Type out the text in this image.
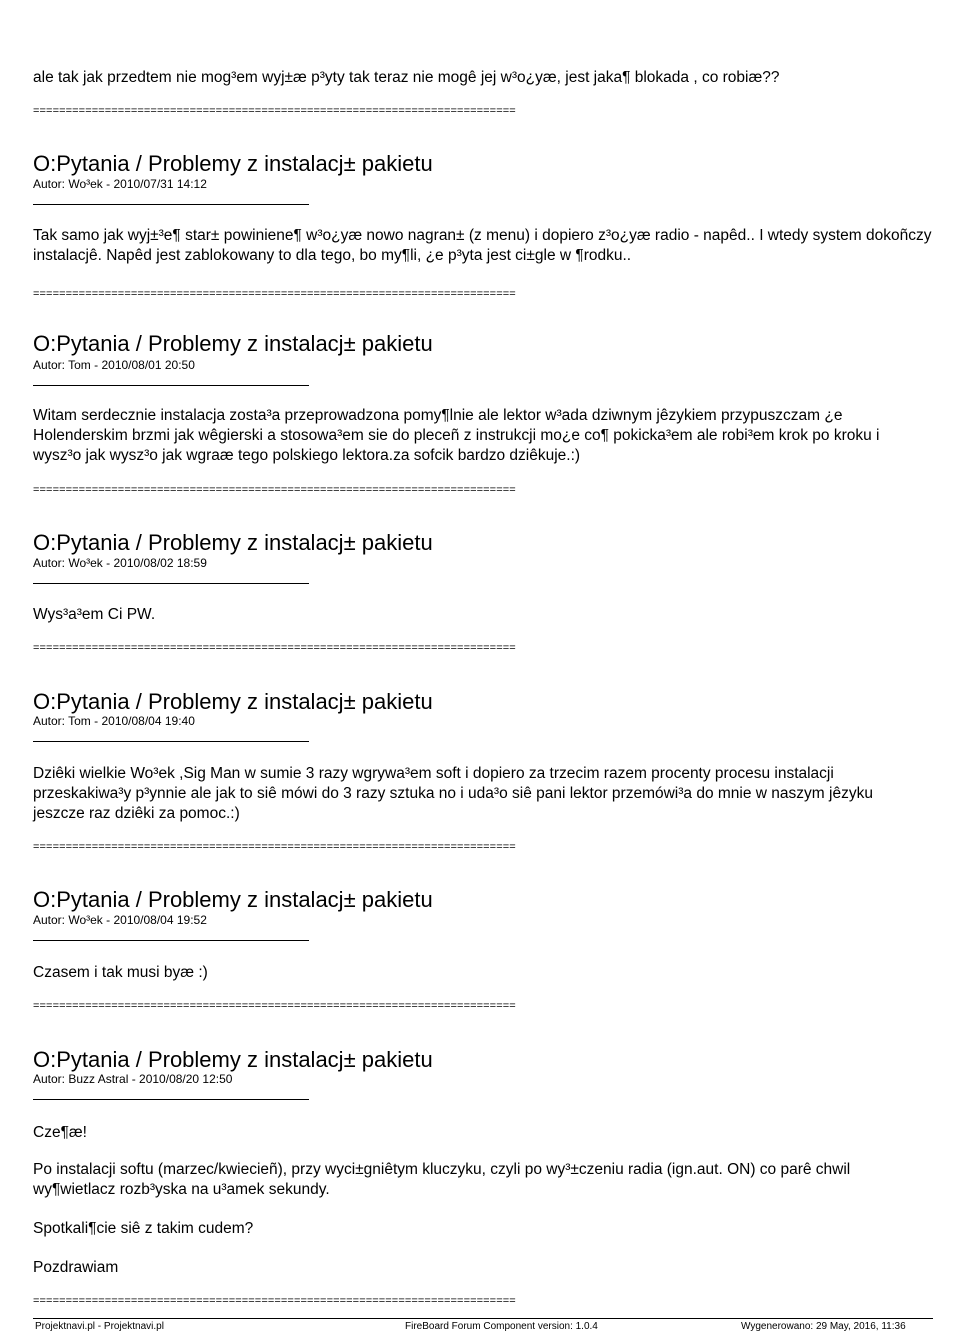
ale tak jak przedtem nie mog³em wyj±æ p³yty tak teraz nie mogê jej w³o¿yæ, jest jaka¶ blokada , co robiæ??

==========================================================================
O:Pytania / Problemy z instalacj± pakietu
Autor: Wo³ek - 2010/07/31 14:12

Tak samo jak wyj±³e¶ star± powiniene¶ w³o¿yæ nowo nagran± (z menu) i dopiero z³o¿yæ radio - napêd.. I wtedy system dokoñczy instalacjê. Napêd jest zablokowany to dla tego, bo my¶li, ¿e p³yta jest ci±gle w ¶rodku..

==========================================================================
O:Pytania / Problemy z instalacj± pakietu
Autor: Tom - 2010/08/01 20:50

Witam serdecznie instalacja zosta³a przeprowadzona pomy¶lnie ale lektor w³ada dziwnym jêzykiem przypuszczam ¿e Holenderskim brzmi jak wêgierski a stosowa³em sie do pleceñ z instrukcji mo¿e co¶ pokicka³em ale robi³em krok po kroku i wysz³o jak wysz³o jak wgraæ tego polskiego lektora.za sofcik bardzo dziêkuje.:)

==========================================================================
O:Pytania / Problemy z instalacj± pakietu
Autor: Wo³ek - 2010/08/02 18:59

Wys³a³em Ci PW.

==========================================================================
O:Pytania / Problemy z instalacj± pakietu
Autor: Tom - 2010/08/04 19:40

Dziêki wielkie Wo³ek ,Sig Man w sumie 3 razy wgrywa³em soft i dopiero za trzecim razem procenty procesu instalacji przeskakiwa³y p³ynnie ale jak to siê mówi do 3 razy sztuka no i uda³o siê pani lektor przemówi³a do mnie w naszym jêzyku jeszcze raz dziêki za pomoc.:)

==========================================================================
O:Pytania / Problemy z instalacj± pakietu
Autor: Wo³ek - 2010/08/04 19:52

Czasem i tak musi byæ :)

==========================================================================
O:Pytania / Problemy z instalacj± pakietu
Autor: Buzz Astral - 2010/08/20 12:50

Cze¶æ!

Po instalacji softu (marzec/kwiecieñ), przy wyci±gniêtym kluczyku, czyli po wy³±czeniu radia (ign.aut. ON) co parê chwil wy¶wietlacz rozb³yska na u³amek sekundy.

Spotkali¶cie siê z takim cudem?

Pozdrawiam

==========================================================================
Projektnavi.pl - Projektnavi.pl	FireBoard Forum Component version: 1.0.4	Wygenerowano: 29 May, 2016, 11:36
